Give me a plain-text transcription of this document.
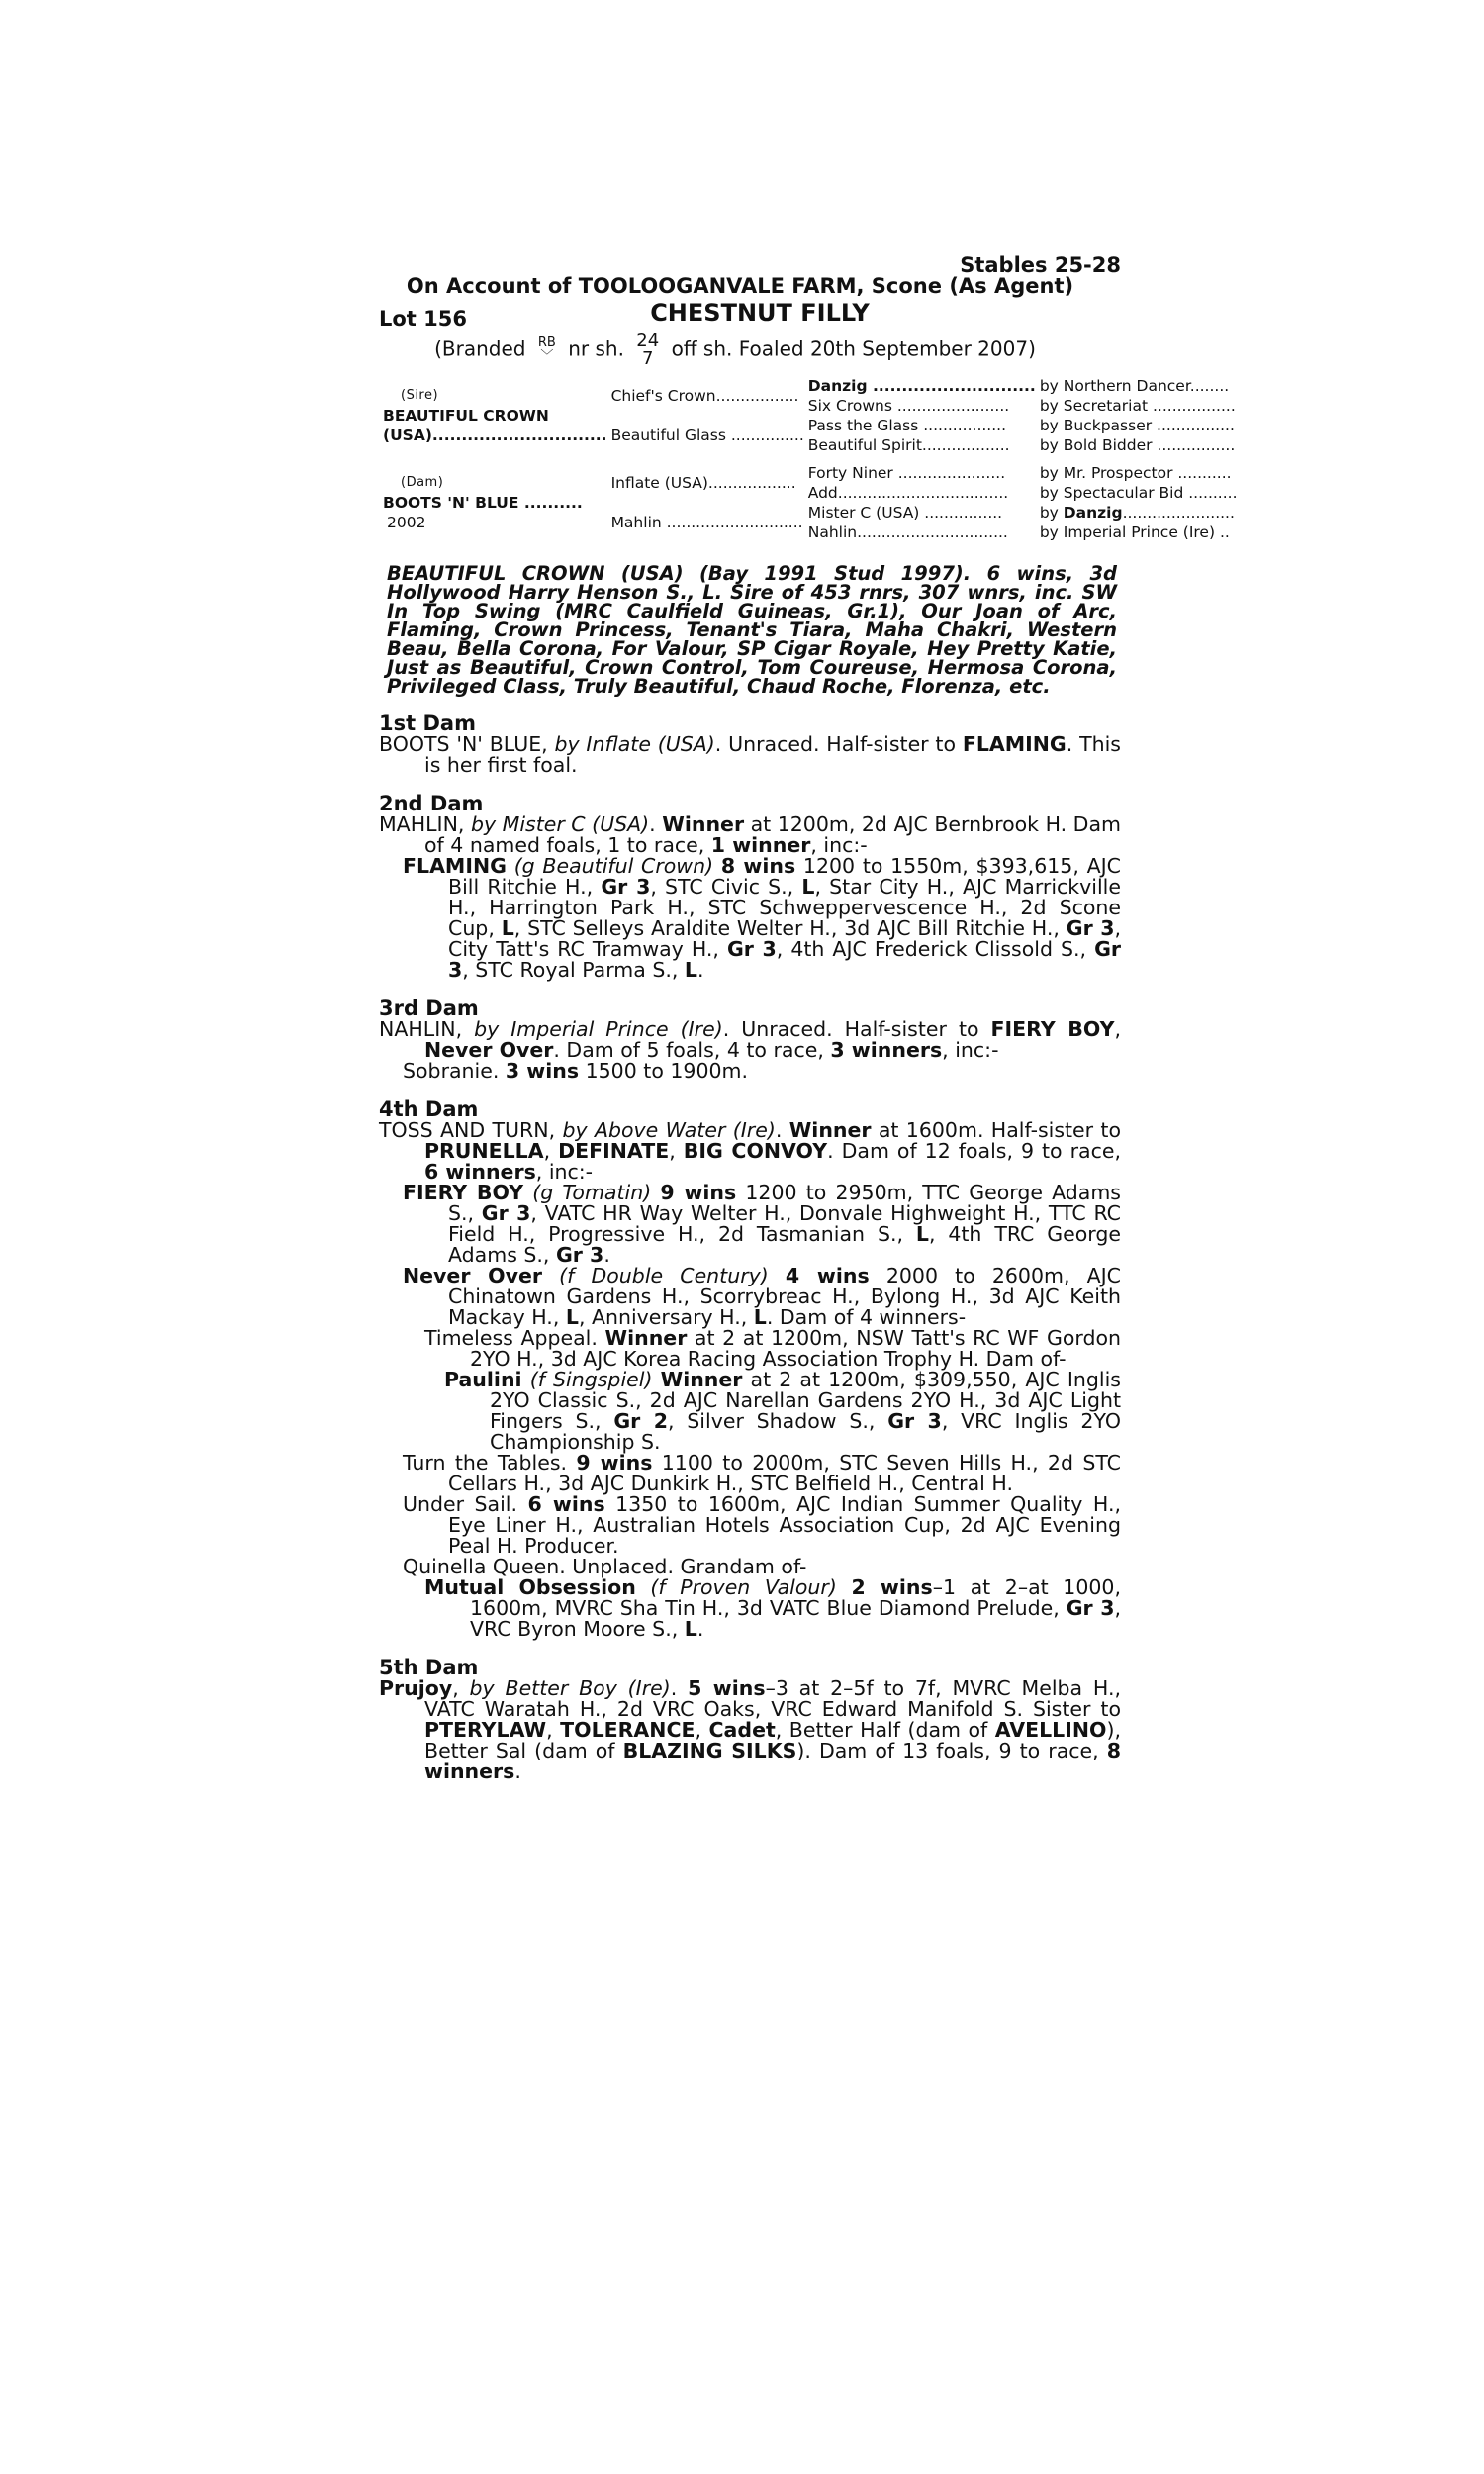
Stables 25-28
On Account of TOOLOOGANVALE FARM, Scone (As Agent)
Lot 156	CHESTNUT FILLY
(Branded RB
﹀ nr sh. 24
7 off sh. Foaled 20th September 2007)
(Sire)
BEAUTIFUL CROWN
(USA)..............................	Chief's Crown.................	Danzig ............................	by Northern Dancer........
		Six Crowns .......................	by Secretariat .................
	Beautiful Glass ...............	Pass the Glass .................	by Buckpasser ................
		Beautiful Spirit..................	by Bold Bidder ................

(Dam)
BOOTS 'N' BLUE ..........
2002	Inflate (USA)..................	Forty Niner ......................	by Mr. Prospector ...........
		Add...................................	by Spectacular Bid ..........
	Mahlin ............................	Mister C (USA) ................	by Danzig.......................
		Nahlin...............................	by Imperial Prince (Ire) ..
BEAUTIFUL CROWN (USA) (Bay 1991 Stud 1997). 6 wins, 3d Hollywood Harry Henson S., L. Sire of 453 rnrs, 307 wnrs, inc. SW In Top Swing (MRC Caulfield Guineas, Gr.1), Our Joan of Arc, Flaming, Crown Princess, Tenant's Tiara, Maha Chakri, Western Beau, Bella Corona, For Valour, SP Cigar Royale, Hey Pretty Katie, Just as Beautiful, Crown Control, Tom Coureuse, Hermosa Corona, Privileged Class, Truly Beautiful, Chaud Roche, Florenza, etc.
1st Dam
BOOTS 'N' BLUE, by Inflate (USA). Unraced. Half-sister to FLAMING. This is her first foal.
2nd Dam
MAHLIN, by Mister C (USA). Winner at 1200m, 2d AJC Bernbrook H. Dam of 4 named foals, 1 to race, 1 winner, inc:-
FLAMING (g Beautiful Crown) 8 wins 1200 to 1550m, $393,615, AJC Bill Ritchie H., Gr 3, STC Civic S., L, Star City H., AJC Marrickville H., Harrington Park H., STC Schweppervescence H., 2d Scone Cup, L, STC Selleys Araldite Welter H., 3d AJC Bill Ritchie H., Gr 3, City Tatt's RC Tramway H., Gr 3, 4th AJC Frederick Clissold S., Gr 3, STC Royal Parma S., L.
3rd Dam
NAHLIN, by Imperial Prince (Ire). Unraced. Half-sister to FIERY BOY, Never Over. Dam of 5 foals, 4 to race, 3 winners, inc:-
Sobranie. 3 wins 1500 to 1900m.
4th Dam
TOSS AND TURN, by Above Water (Ire). Winner at 1600m. Half-sister to PRUNELLA, DEFINATE, BIG CONVOY. Dam of 12 foals, 9 to race, 6 winners, inc:-
FIERY BOY (g Tomatin) 9 wins 1200 to 2950m, TTC George Adams S., Gr 3, VATC HR Way Welter H., Donvale Highweight H., TTC RC Field H., Progressive H., 2d Tasmanian S., L, 4th TRC George Adams S., Gr 3.
Never Over (f Double Century) 4 wins 2000 to 2600m, AJC Chinatown Gardens H., Scorrybreac H., Bylong H., 3d AJC Keith Mackay H., L, Anniversary H., L. Dam of 4 winners-
Timeless Appeal. Winner at 2 at 1200m, NSW Tatt's RC WF Gordon 2YO H., 3d AJC Korea Racing Association Trophy H. Dam of-
Paulini (f Singspiel) Winner at 2 at 1200m, $309,550, AJC Inglis 2YO Classic S., 2d AJC Narellan Gardens 2YO H., 3d AJC Light Fingers S., Gr 2, Silver Shadow S., Gr 3, VRC Inglis 2YO Championship S.
Turn the Tables. 9 wins 1100 to 2000m, STC Seven Hills H., 2d STC Cellars H., 3d AJC Dunkirk H., STC Belfield H., Central H.
Under Sail. 6 wins 1350 to 1600m, AJC Indian Summer Quality H., Eye Liner H., Australian Hotels Association Cup, 2d AJC Evening Peal H. Producer.
Quinella Queen. Unplaced. Grandam of-
Mutual Obsession (f Proven Valour) 2 wins–1 at 2–at 1000, 1600m, MVRC Sha Tin H., 3d VATC Blue Diamond Prelude, Gr 3, VRC Byron Moore S., L.
5th Dam
Prujoy, by Better Boy (Ire). 5 wins–3 at 2–5f to 7f, MVRC Melba H., VATC Waratah H., 2d VRC Oaks, VRC Edward Manifold S. Sister to PTERYLAW, TOLERANCE, Cadet, Better Half (dam of AVELLINO), Better Sal (dam of BLAZING SILKS). Dam of 13 foals, 9 to race, 8 winners.
